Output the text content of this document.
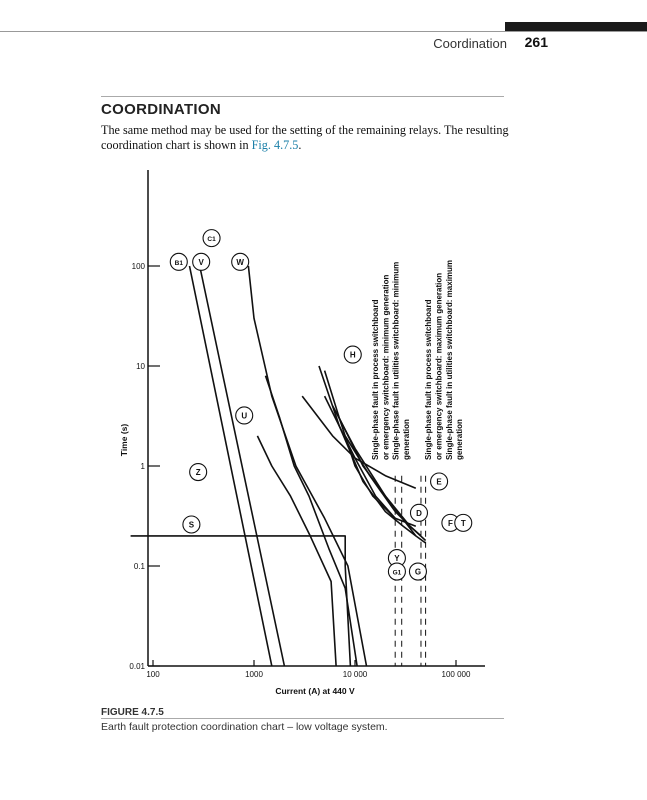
Coordination 261
COORDINATION
The same method may be used for the setting of the remaining relays. The resulting coordination chart is shown in Fig. 4.7.5.
100
10
1
0.1
0.01
100	1000	10 000	100 000
Current (A) at 440 V
Time (s)
C1
B1 V	W
H
U
Z
S
E
D
F T
Y
G1 G
Single-phase fault in process switchboard or emergency switchboard: minimum generation Single-phase fault in utilities switchboard: minimum generation Single-phase fault in process switchboard or emergency switchboard: maximum generation Single-phase fault in utilities switchboard: maximum generation
FIGURE 4.7.5
Earth fault protection coordination chart – low voltage system.
